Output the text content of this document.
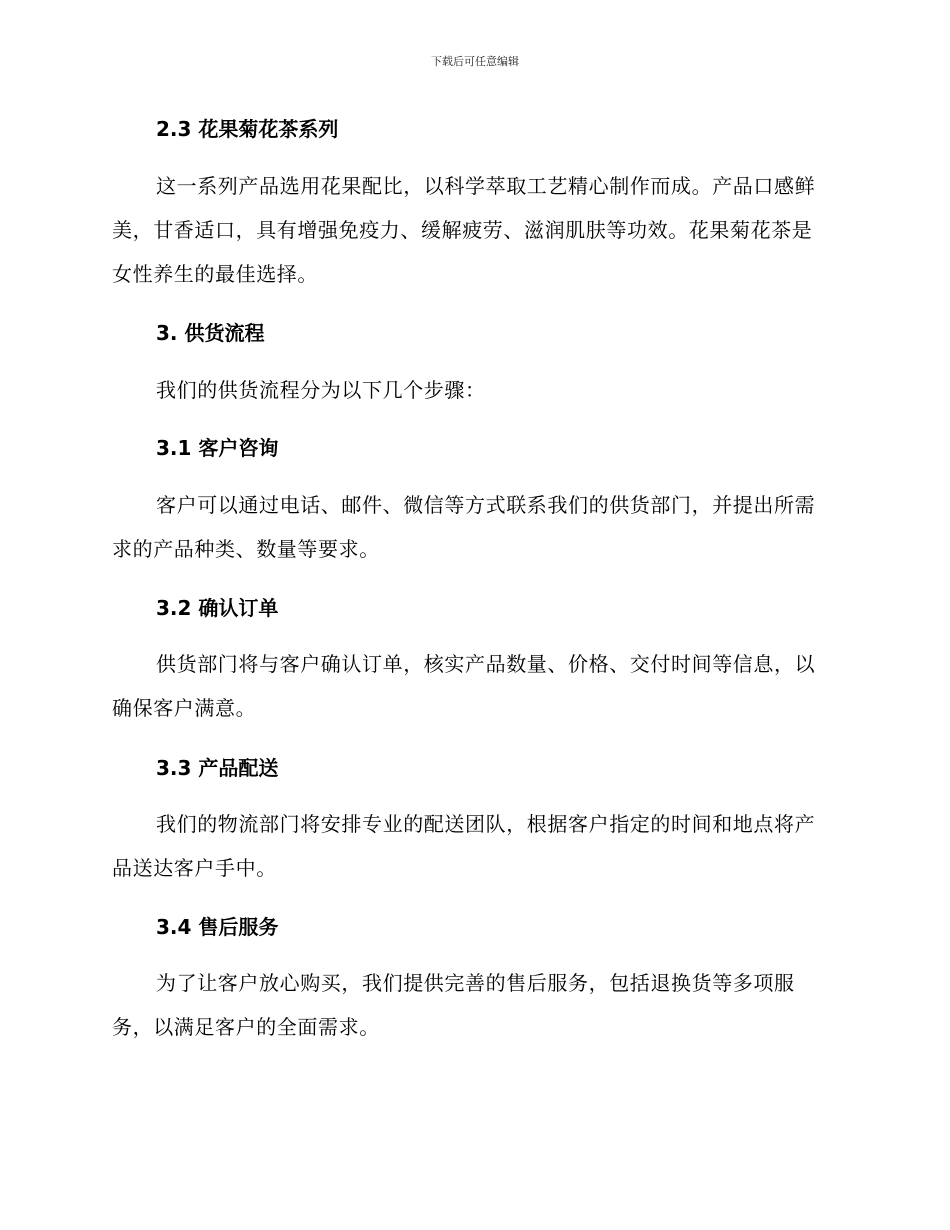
下载后可任意编辑
2.3 花果菊花茶系列
这一系列产品选用花果配比，以科学萃取工艺精心制作而成。产品口感鲜美，甘香适口，具有增强免疫力、缓解疲劳、滋润肌肤等功效。花果菊花茶是女性养生的最佳选择。
3. 供货流程
我们的供货流程分为以下几个步骤：
3.1 客户咨询
客户可以通过电话、邮件、微信等方式联系我们的供货部门，并提出所需求的产品种类、数量等要求。
3.2 确认订单
供货部门将与客户确认订单，核实产品数量、价格、交付时间等信息，以确保客户满意。
3.3 产品配送
我们的物流部门将安排专业的配送团队，根据客户指定的时间和地点将产品送达客户手中。
3.4 售后服务
为了让客户放心购买，我们提供完善的售后服务，包括退换货等多项服务，以满足客户的全面需求。
